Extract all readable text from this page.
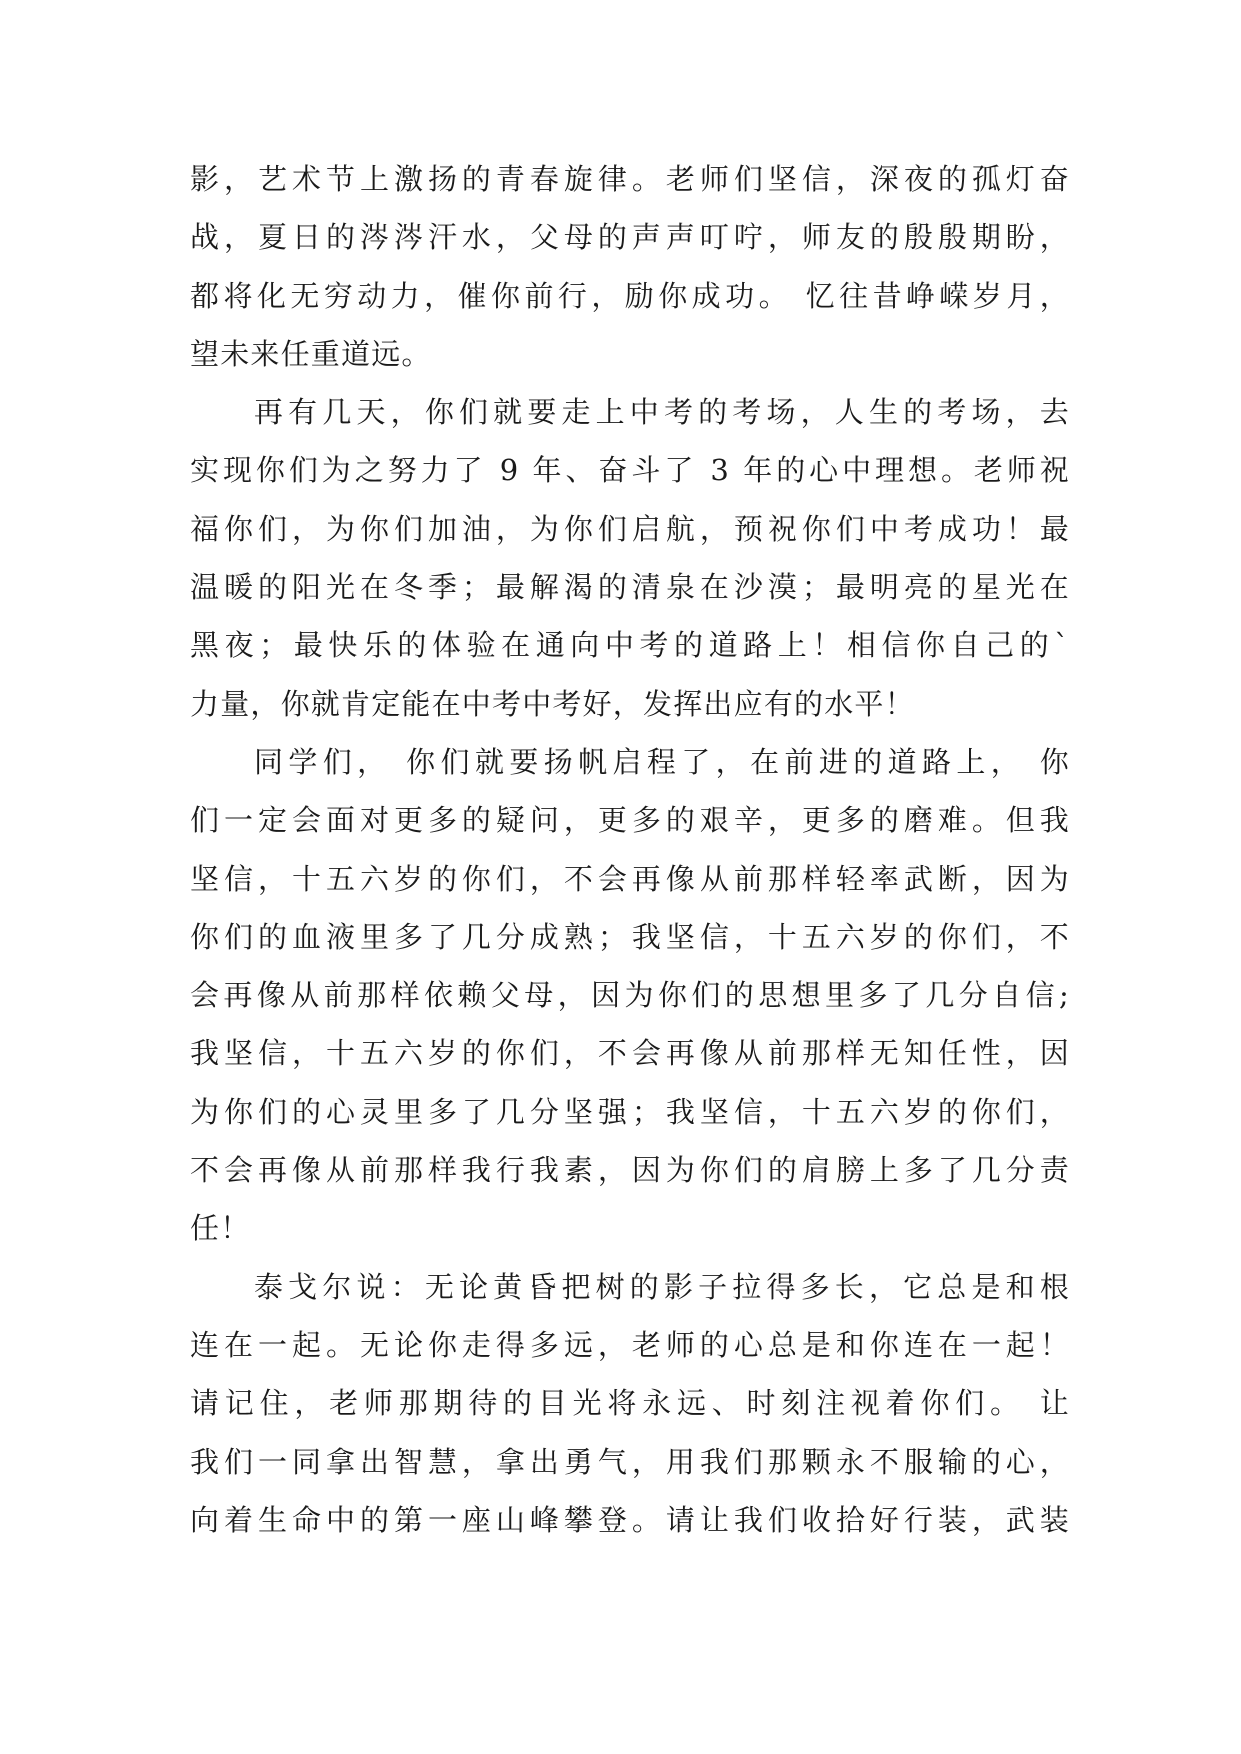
影，艺术节上激扬的青春旋律。老师们坚信，深夜的孤灯奋
战，夏日的涔涔汗水，父母的声声叮咛，师友的殷殷期盼，
都将化无穷动力，催你前行，励你成功。 忆往昔峥嵘岁月，
望未来任重道远。
再有几天，你们就要走上中考的考场，人生的考场，去
实现你们为之努力了 9 年、奋斗了 3 年的心中理想。老师祝
福你们，为你们加油，为你们启航，预祝你们中考成功！最
温暖的阳光在冬季；最解渴的清泉在沙漠；最明亮的星光在
黑夜；最快乐的体验在通向中考的道路上！相信你自己的`
力量，你就肯定能在中考中考好，发挥出应有的水平！
同学们， 你们就要扬帆启程了，在前进的道路上， 你
们一定会面对更多的疑问，更多的艰辛，更多的磨难。但我
坚信，十五六岁的你们，不会再像从前那样轻率武断，因为
你们的血液里多了几分成熟；我坚信，十五六岁的你们，不
会再像从前那样依赖父母，因为你们的思想里多了几分自信;
我坚信，十五六岁的你们，不会再像从前那样无知任性，因
为你们的心灵里多了几分坚强；我坚信，十五六岁的你们，
不会再像从前那样我行我素，因为你们的肩膀上多了几分责
任！
泰戈尔说：无论黄昏把树的影子拉得多长，它总是和根
连在一起。无论你走得多远，老师的心总是和你连在一起！
请记住，老师那期待的目光将永远、时刻注视着你们。 让
我们一同拿出智慧，拿出勇气，用我们那颗永不服输的心，
向着生命中的第一座山峰攀登。请让我们收拾好行装，武装
